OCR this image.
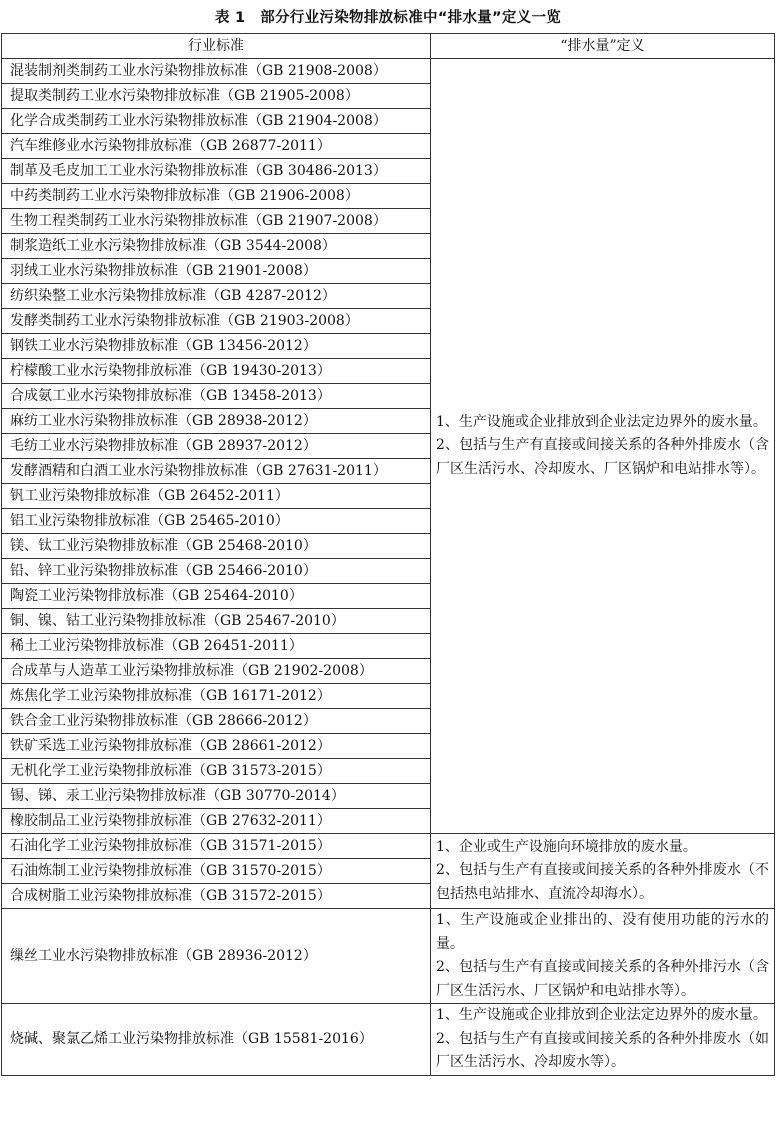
表 1　部分行业污染物排放标准中“排水量”定义一览
行业标准	“排水量”定义
混装制剂类制药工业水污染物排放标准（GB 21908-2008）	1、生产设施或企业排放到企业法定边界外的废水量。

2、包括与生产有直接或间接关系的各种外排废水（含厂区生活污水、冷却废水、厂区锅炉和电站排水等）。

提取类制药工业水污染物排放标准（GB 21905-2008）	
化学合成类制药工业水污染物排放标准（GB 21904-2008）	
汽车维修业水污染物排放标准（GB 26877-2011）	
制革及毛皮加工工业水污染物排放标准（GB 30486-2013）	
中药类制药工业水污染物排放标准（GB 21906-2008）	
生物工程类制药工业水污染物排放标准（GB 21907-2008）	
制浆造纸工业水污染物排放标准（GB 3544-2008）	
羽绒工业水污染物排放标准（GB 21901-2008）	
纺织染整工业水污染物排放标准（GB 4287-2012）	
发酵类制药工业水污染物排放标准（GB 21903-2008）	
钢铁工业水污染物排放标准（GB 13456-2012）	
柠檬酸工业水污染物排放标准（GB 19430-2013）	
合成氨工业水污染物排放标准（GB 13458-2013）	
麻纺工业水污染物排放标准（GB 28938-2012）	
毛纺工业水污染物排放标准（GB 28937-2012）	
发酵酒精和白酒工业水污染物排放标准（GB 27631-2011）	
钒工业污染物排放标准（GB 26452-2011）	
铝工业污染物排放标准（GB 25465-2010）	
镁、钛工业污染物排放标准（GB 25468-2010）	
铅、锌工业污染物排放标准（GB 25466-2010）	
陶瓷工业污染物排放标准（GB 25464-2010）	
铜、镍、钴工业污染物排放标准（GB 25467-2010）	
稀土工业污染物排放标准（GB 26451-2011）	
合成革与人造革工业污染物排放标准（GB 21902-2008）	
炼焦化学工业污染物排放标准（GB 16171-2012）	
铁合金工业污染物排放标准（GB 28666-2012）	
铁矿采选工业污染物排放标准（GB 28661-2012）	
无机化学工业污染物排放标准（GB 31573-2015）	
锡、锑、汞工业污染物排放标准（GB 30770-2014）	
橡胶制品工业污染物排放标准（GB 27632-2011）	
石油化学工业污染物排放标准（GB 31571-2015）	1、企业或生产设施向环境排放的废水量。

2、包括与生产有直接或间接关系的各种外排废水（不包括热电站排水、直流冷却海水）。

石油炼制工业污染物排放标准（GB 31570-2015）	
合成树脂工业污染物排放标准（GB 31572-2015）	
缫丝工业水污染物排放标准（GB 28936-2012）	1、生产设施或企业排出的、没有使用功能的污水的量。

2、包括与生产有直接或间接关系的各种外排污水（含厂区生活污水、厂区锅炉和电站排水等）。

烧碱、聚氯乙烯工业污染物排放标准（GB 15581-2016）	1、生产设施或企业排放到企业法定边界外的废水量。

2、包括与生产有直接或间接关系的各种外排废水（如厂区生活污水、冷却废水等）。
